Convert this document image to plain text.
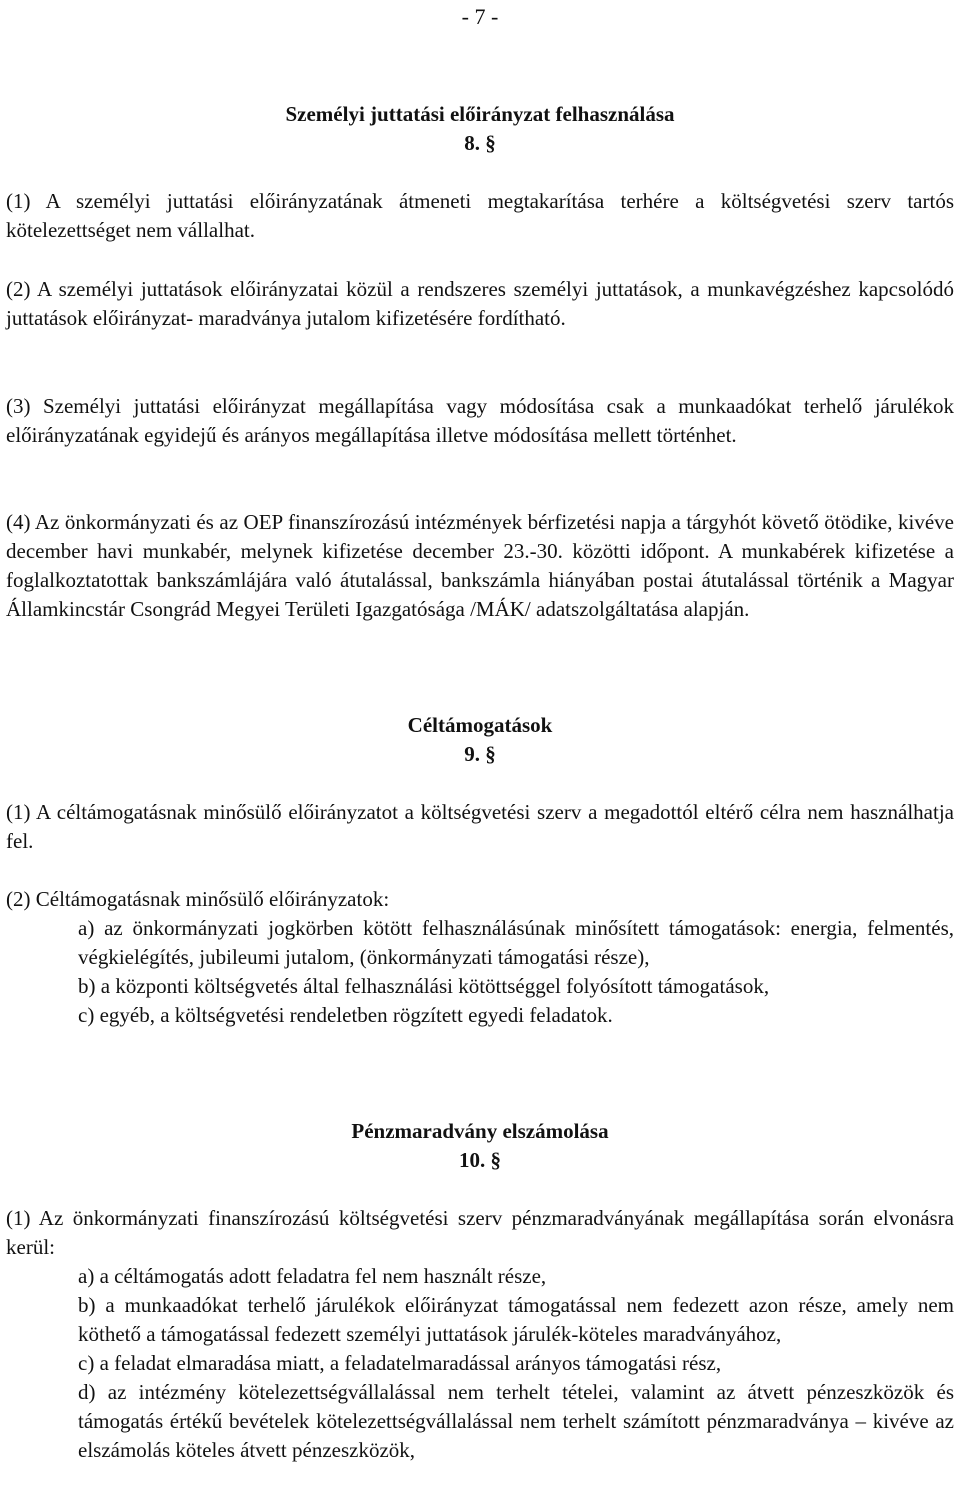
- 7 -
Személyi juttatási előirányzat felhasználása
8. §

(1) A személyi juttatási előirányzatának átmeneti megtakarítása terhére a költségvetési szerv tartós kötelezettséget nem vállalhat.

(2) A személyi juttatások előirányzatai közül a rendszeres személyi juttatások, a munkavégzéshez kapcsolódó juttatások előirányzat- maradványa jutalom kifizetésére fordítható.

(3) Személyi juttatási előirányzat megállapítása vagy módosítása csak a munkaadókat terhelő járulékok előirányzatának egyidejű és arányos megállapítása illetve módosítása mellett történhet.

(4) Az önkormányzati és az OEP finanszírozású intézmények bérfizetési napja a tárgyhót követő ötödike, kivéve december havi munkabér, melynek kifizetése december 23.-30. közötti időpont. A munkabérek kifizetése a foglalkoztatottak bankszámlájára való átutalással, bankszámla hiányában postai átutalással történik a Magyar Államkincstár Csongrád Megyei Területi Igazgatósága /MÁK/ adatszolgáltatása alapján.

Céltámogatások
9. §

(1) A céltámogatásnak minősülő előirányzatot a költségvetési szerv a megadottól eltérő célra nem használhatja fel.

(2) Céltámogatásnak minősülő előirányzatok:

a) az önkormányzati jogkörben kötött felhasználásúnak minősített támogatások: energia, felmentés, végkielégítés, jubileumi jutalom, (önkormányzati támogatási része),

b) a központi költségvetés által felhasználási kötöttséggel folyósított támogatások,

c) egyéb, a költségvetési rendeletben rögzített egyedi feladatok.

Pénzmaradvány elszámolása
10. §

(1) Az önkormányzati finanszírozású költségvetési szerv pénzmaradványának megállapítása során elvonásra kerül:

a) a céltámogatás adott feladatra fel nem használt része,

b) a munkaadókat terhelő járulékok előirányzat támogatással nem fedezett azon része, amely nem köthető a támogatással fedezett személyi juttatások járulék-köteles maradványához,

c) a feladat elmaradása miatt, a feladatelmaradással arányos támogatási rész,

d) az intézmény kötelezettségvállalással nem terhelt tételei, valamint az átvett pénzeszközök és támogatás értékű bevételek kötelezettségvállalással nem terhelt számított pénzmaradványa – kivéve az elszámolás köteles átvett pénzeszközök,
